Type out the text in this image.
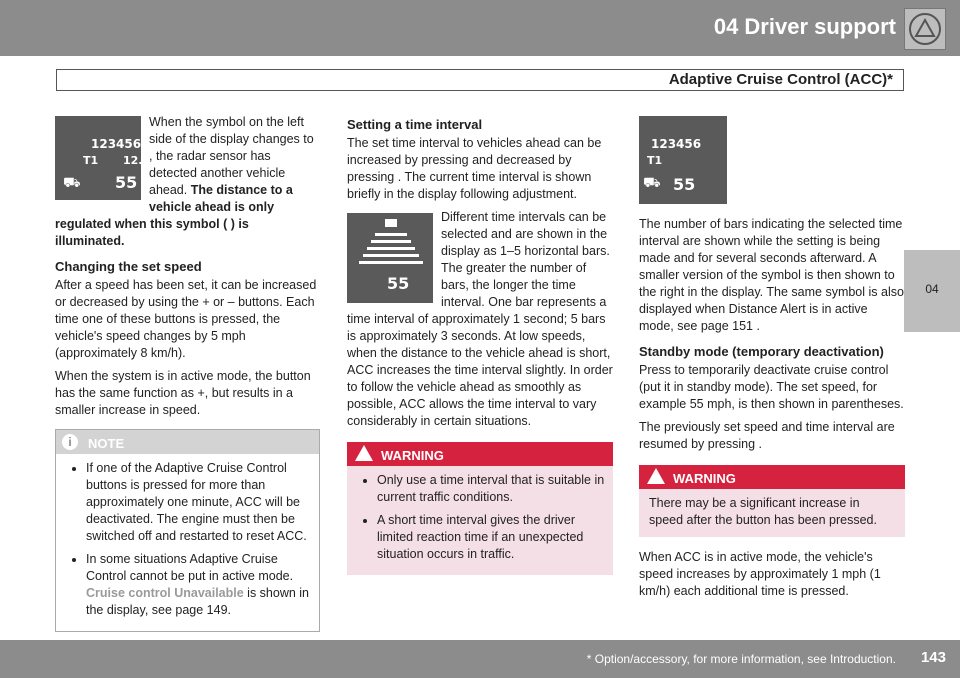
04 Driver support
Adaptive Cruise Control (ACC)*
04
123456
T1 12.
55
⛟

When the symbol on the left side of the display changes to , the radar sensor has detected another vehicle ahead. The distance to a vehicle ahead is only regulated when this symbol ( ) is illuminated.

Changing the set speed

After a speed has been set, it can be increased or decreased by using the + or – buttons. Each time one of these buttons is pressed, the vehicle's speed changes by 5 mph (approximately 8 km/h).

When the system is in active mode, the button has the same function as +, but results in a smaller increase in speed.

i	NOTE
• If one of the Adaptive Cruise Control buttons is pressed for more than approximately one minute, ACC will be deactivated. The engine must then be switched off and restarted to reset ACC.
• In some situations Adaptive Cruise Control cannot be put in active mode. Cruise control Unavailable is shown in the display, see page 149.
Setting a time interval

The set time interval to vehicles ahead can be increased by pressing and decreased by pressing . The current time interval is shown briefly in the display following adjustment.

55

Different time intervals can be selected and are shown in the display as 1–5 horizontal bars. The greater the number of bars, the longer the time interval. One bar represents a time interval of approximately 1 second; 5 bars is approximately 3 seconds. At low speeds, when the distance to the vehicle ahead is short, ACC increases the time interval slightly. In order to follow the vehicle ahead as smoothly as possible, ACC allows the time interval to vary considerably in certain situations.

WARNING
• Only use a time interval that is suitable in current traffic conditions.
• A short time interval gives the driver limited reaction time if an unexpected situation occurs in traffic.
123456
T1
55
⛟

The number of bars indicating the selected time interval are shown while the setting is being made and for several seconds afterward. A smaller version of the symbol is then shown to the right in the display. The same symbol is also displayed when Distance Alert is in active mode, see page 151 .

Standby mode (temporary deactivation)

Press to temporarily deactivate cruise control (put it in standby mode). The set speed, for example 55 mph, is then shown in parentheses.

The previously set speed and time interval are resumed by pressing .

WARNING

There may be a significant increase in speed after the button has been pressed.

When ACC is in active mode, the vehicle's speed increases by approximately 1 mph (1 km/h) each additional time is pressed.

* Option/accessory, for more information, see Introduction. 143
